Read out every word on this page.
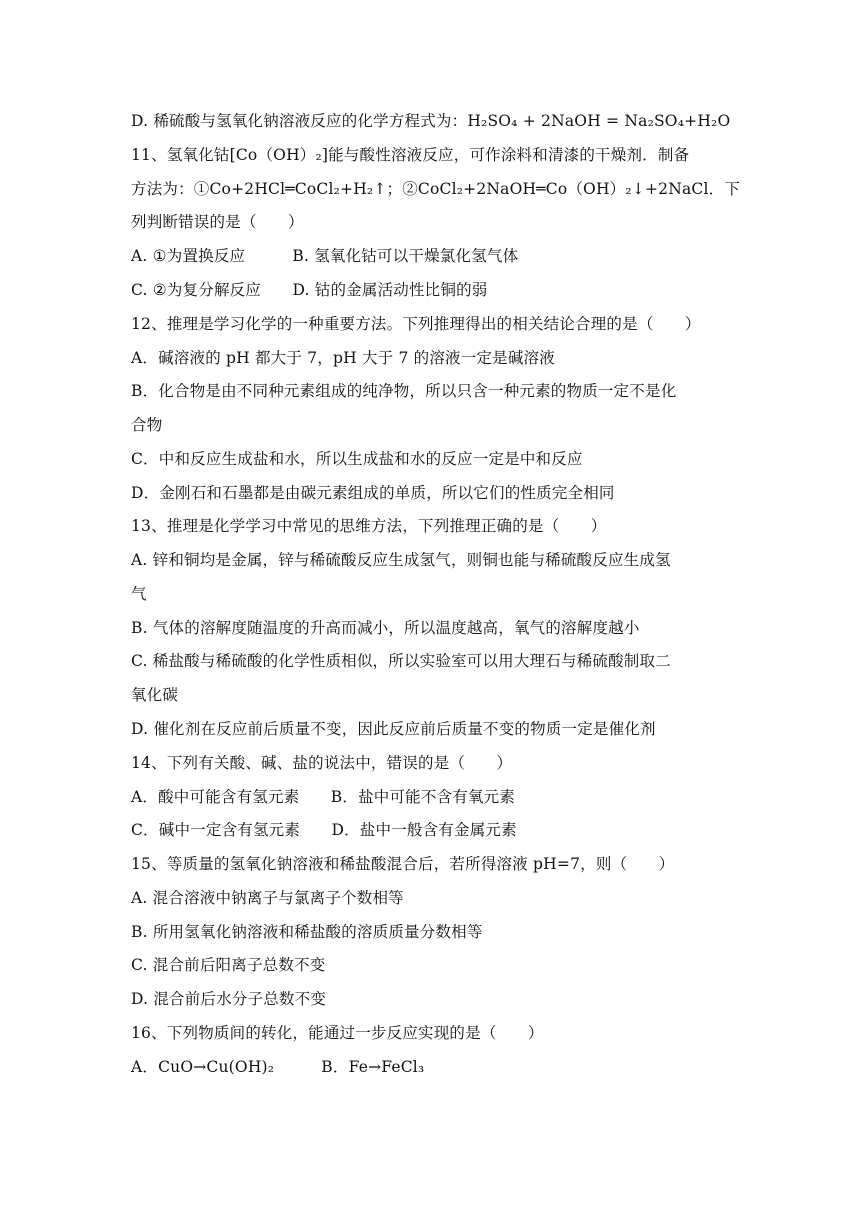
D. 稀硫酸与氢氧化钠溶液反应的化学方程式为：H₂SO₄ + 2NaOH = Na₂SO₄+H₂O
11、氢氧化钴[Co（OH）₂]能与酸性溶液反应，可作涂料和清漆的干燥剂．制备
方法为：①Co+2HCl═CoCl₂+H₂↑；②CoCl₂+2NaOH═Co（OH）₂↓+2NaCl．下
列判断错误的是（　　）
A. ①为置换反应　　　B. 氢氧化钴可以干燥氯化氢气体
C. ②为复分解反应　　D. 钴的金属活动性比铜的弱
12、推理是学习化学的一种重要方法。下列推理得出的相关结论合理的是（　　）
A．碱溶液的 pH 都大于 7，pH 大于 7 的溶液一定是碱溶液
B．化合物是由不同种元素组成的纯净物，所以只含一种元素的物质一定不是化
合物
C．中和反应生成盐和水，所以生成盐和水的反应一定是中和反应
D．金刚石和石墨都是由碳元素组成的单质，所以它们的性质完全相同
13、推理是化学学习中常见的思维方法，下列推理正确的是（　　）
A. 锌和铜均是金属，锌与稀硫酸反应生成氢气，则铜也能与稀硫酸反应生成氢
气
B. 气体的溶解度随温度的升高而减小，所以温度越高，氧气的溶解度越小
C. 稀盐酸与稀硫酸的化学性质相似，所以实验室可以用大理石与稀硫酸制取二
氧化碳
D. 催化剂在反应前后质量不变，因此反应前后质量不变的物质一定是催化剂
14、下列有关酸、碱、盐的说法中，错误的是（　　）
A．酸中可能含有氢元素　　B．盐中可能不含有氧元素
C．碱中一定含有氢元素　　D．盐中一般含有金属元素
15、等质量的氢氧化钠溶液和稀盐酸混合后，若所得溶液 pH=7，则（　　）
A. 混合溶液中钠离子与氯离子个数相等
B. 所用氢氧化钠溶液和稀盐酸的溶质质量分数相等
C. 混合前后阳离子总数不变
D. 混合前后水分子总数不变
16、下列物质间的转化，能通过一步反应实现的是（　　）
A．CuO→Cu(OH)₂　　　B．Fe→FeCl₃
